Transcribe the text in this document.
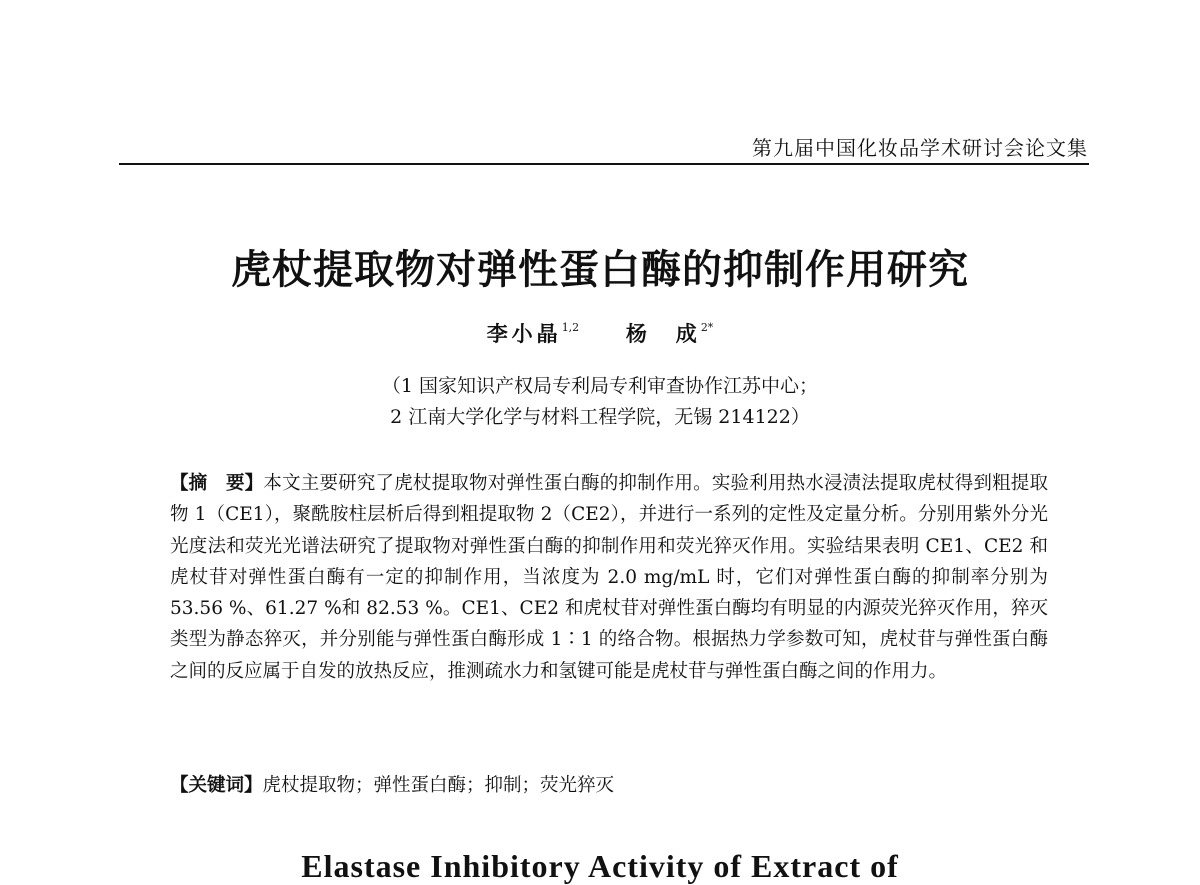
第九届中国化妆品学术研讨会论文集
虎杖提取物对弹性蛋白酶的抑制作用研究
李小晶$^{1,2}$ 杨　成$^{2*}$
（1 国家知识产权局专利局专利审查协作江苏中心；
2 江南大学化学与材料工程学院，无锡 214122）
【摘　要】本文主要研究了虎杖提取物对弹性蛋白酶的抑制作用。实验利用热水浸渍法提取虎杖得到粗提取物 1（CE1），聚酰胺柱层析后得到粗提取物 2（CE2），并进行一系列的定性及定量分析。分别用紫外分光光度法和荧光光谱法研究了提取物对弹性蛋白酶的抑制作用和荧光猝灭作用。实验结果表明 CE1、CE2 和虎杖苷对弹性蛋白酶有一定的抑制作用，当浓度为 2.0 mg/mL 时，它们对弹性蛋白酶的抑制率分别为 53.56 %、61.27 %和 82.53 %。CE1、CE2 和虎杖苷对弹性蛋白酶均有明显的内源荧光猝灭作用，猝灭类型为静态猝灭，并分别能与弹性蛋白酶形成 1∶1 的络合物。根据热力学参数可知，虎杖苷与弹性蛋白酶之间的反应属于自发的放热反应，推测疏水力和氢键可能是虎杖苷与弹性蛋白酶之间的作用力。
【关键词】虎杖提取物；弹性蛋白酶；抑制；荧光猝灭
Elastase Inhibitory Activity of Extract of
